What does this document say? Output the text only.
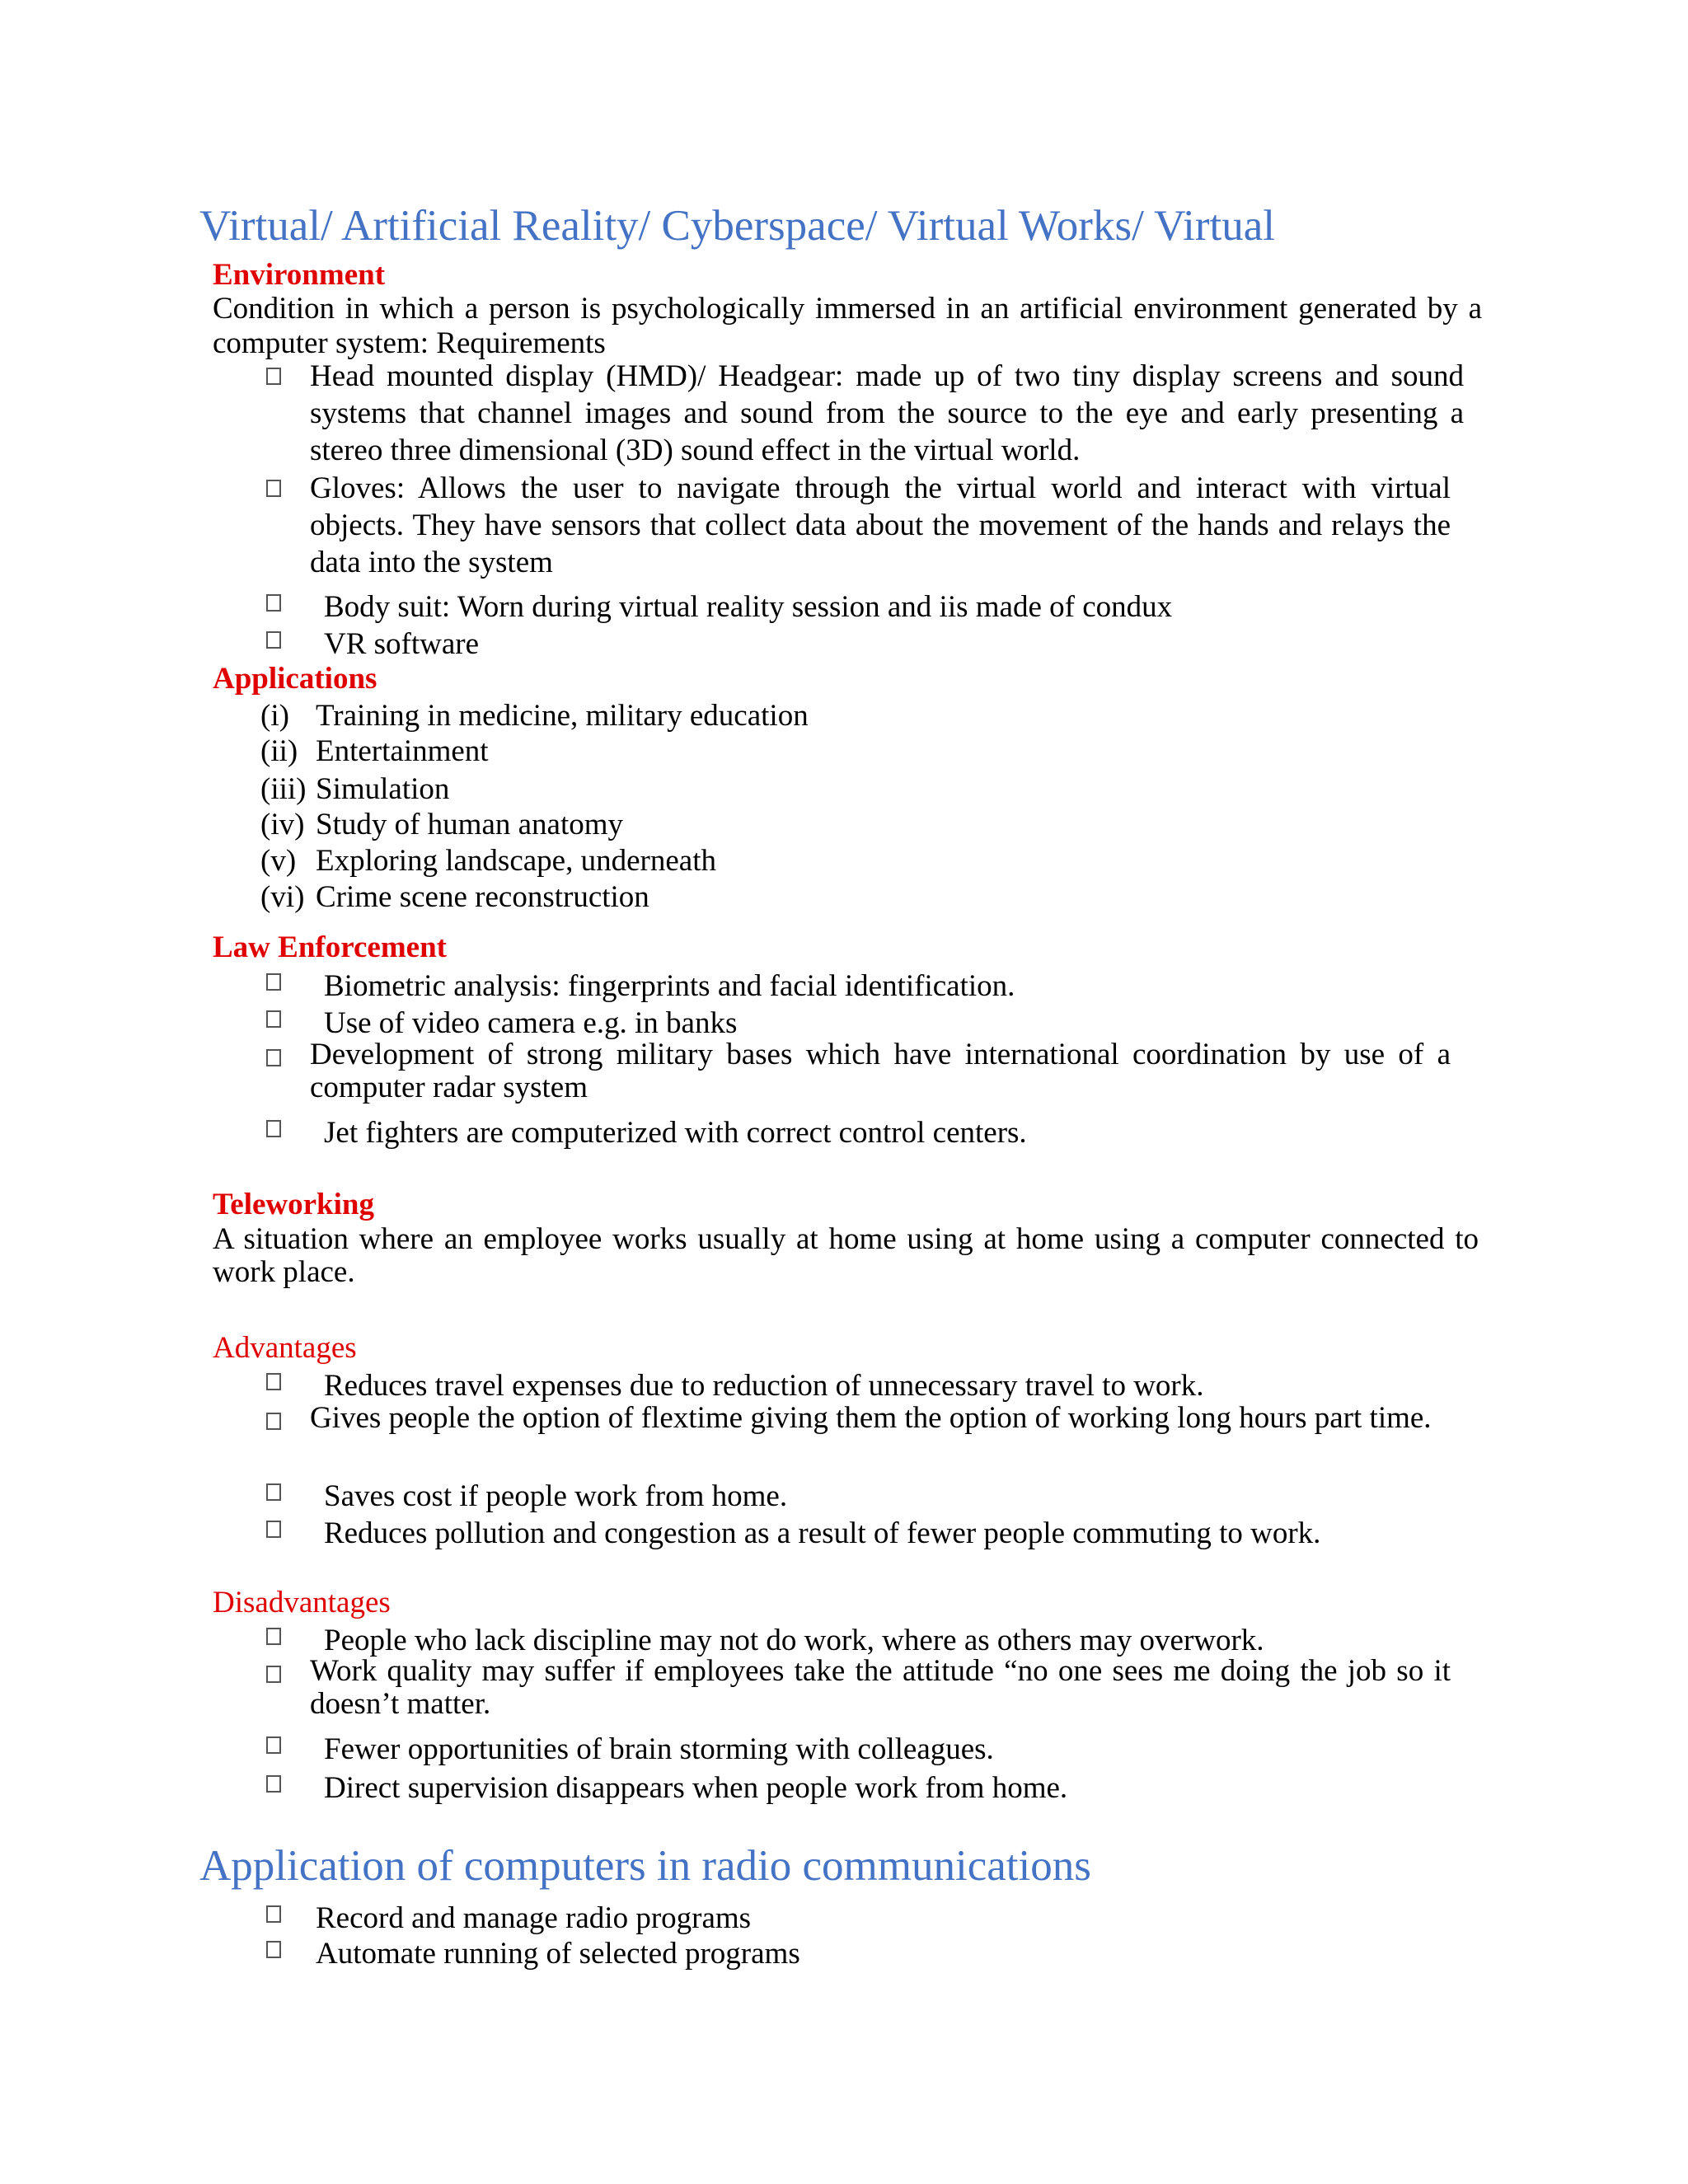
Virtual/ Artificial Reality/ Cyberspace/ Virtual Works/ Virtual
Environment
Condition in which a person is psychologically immersed in an artificial environment generated by a computer system: Requirements
Head mounted display (HMD)/ Headgear: made up of two tiny display screens and sound systems that channel images and sound from the source to the eye and early presenting a stereo three dimensional (3D) sound effect in the virtual world.
Gloves: Allows the user to navigate through the virtual world and interact with virtual objects. They have sensors that collect data about the movement of the hands and relays the data into the system
Body suit: Worn during virtual reality session and iis made of condux
VR software
Applications
(i) Training in medicine, military education
(ii) Entertainment
(iii) Simulation
(iv) Study of human anatomy
(v) Exploring landscape, underneath
(vi) Crime scene reconstruction
Law Enforcement
Biometric analysis: fingerprints and facial identification.
Use of video camera e.g. in banks
Development of strong military bases which have international coordination by use of a computer radar system
Jet fighters are computerized with correct control centers.
Teleworking
A situation where an employee works usually at home using at home using a computer connected to work place.
Advantages
Reduces travel expenses due to reduction of unnecessary travel to work.
Gives people the option of flextime giving them the option of working long hours part time.
Saves cost if people work from home.
Reduces pollution and congestion as a result of fewer people commuting to work.
Disadvantages
People who lack discipline may not do work, where as others may overwork.
Work quality may suffer if employees take the attitude “no one sees me doing the job so it doesn’t matter.
Fewer opportunities of brain storming with colleagues.
Direct supervision disappears when people work from home.
Application of computers in radio communications
Record and manage radio programs
Automate running of selected programs
